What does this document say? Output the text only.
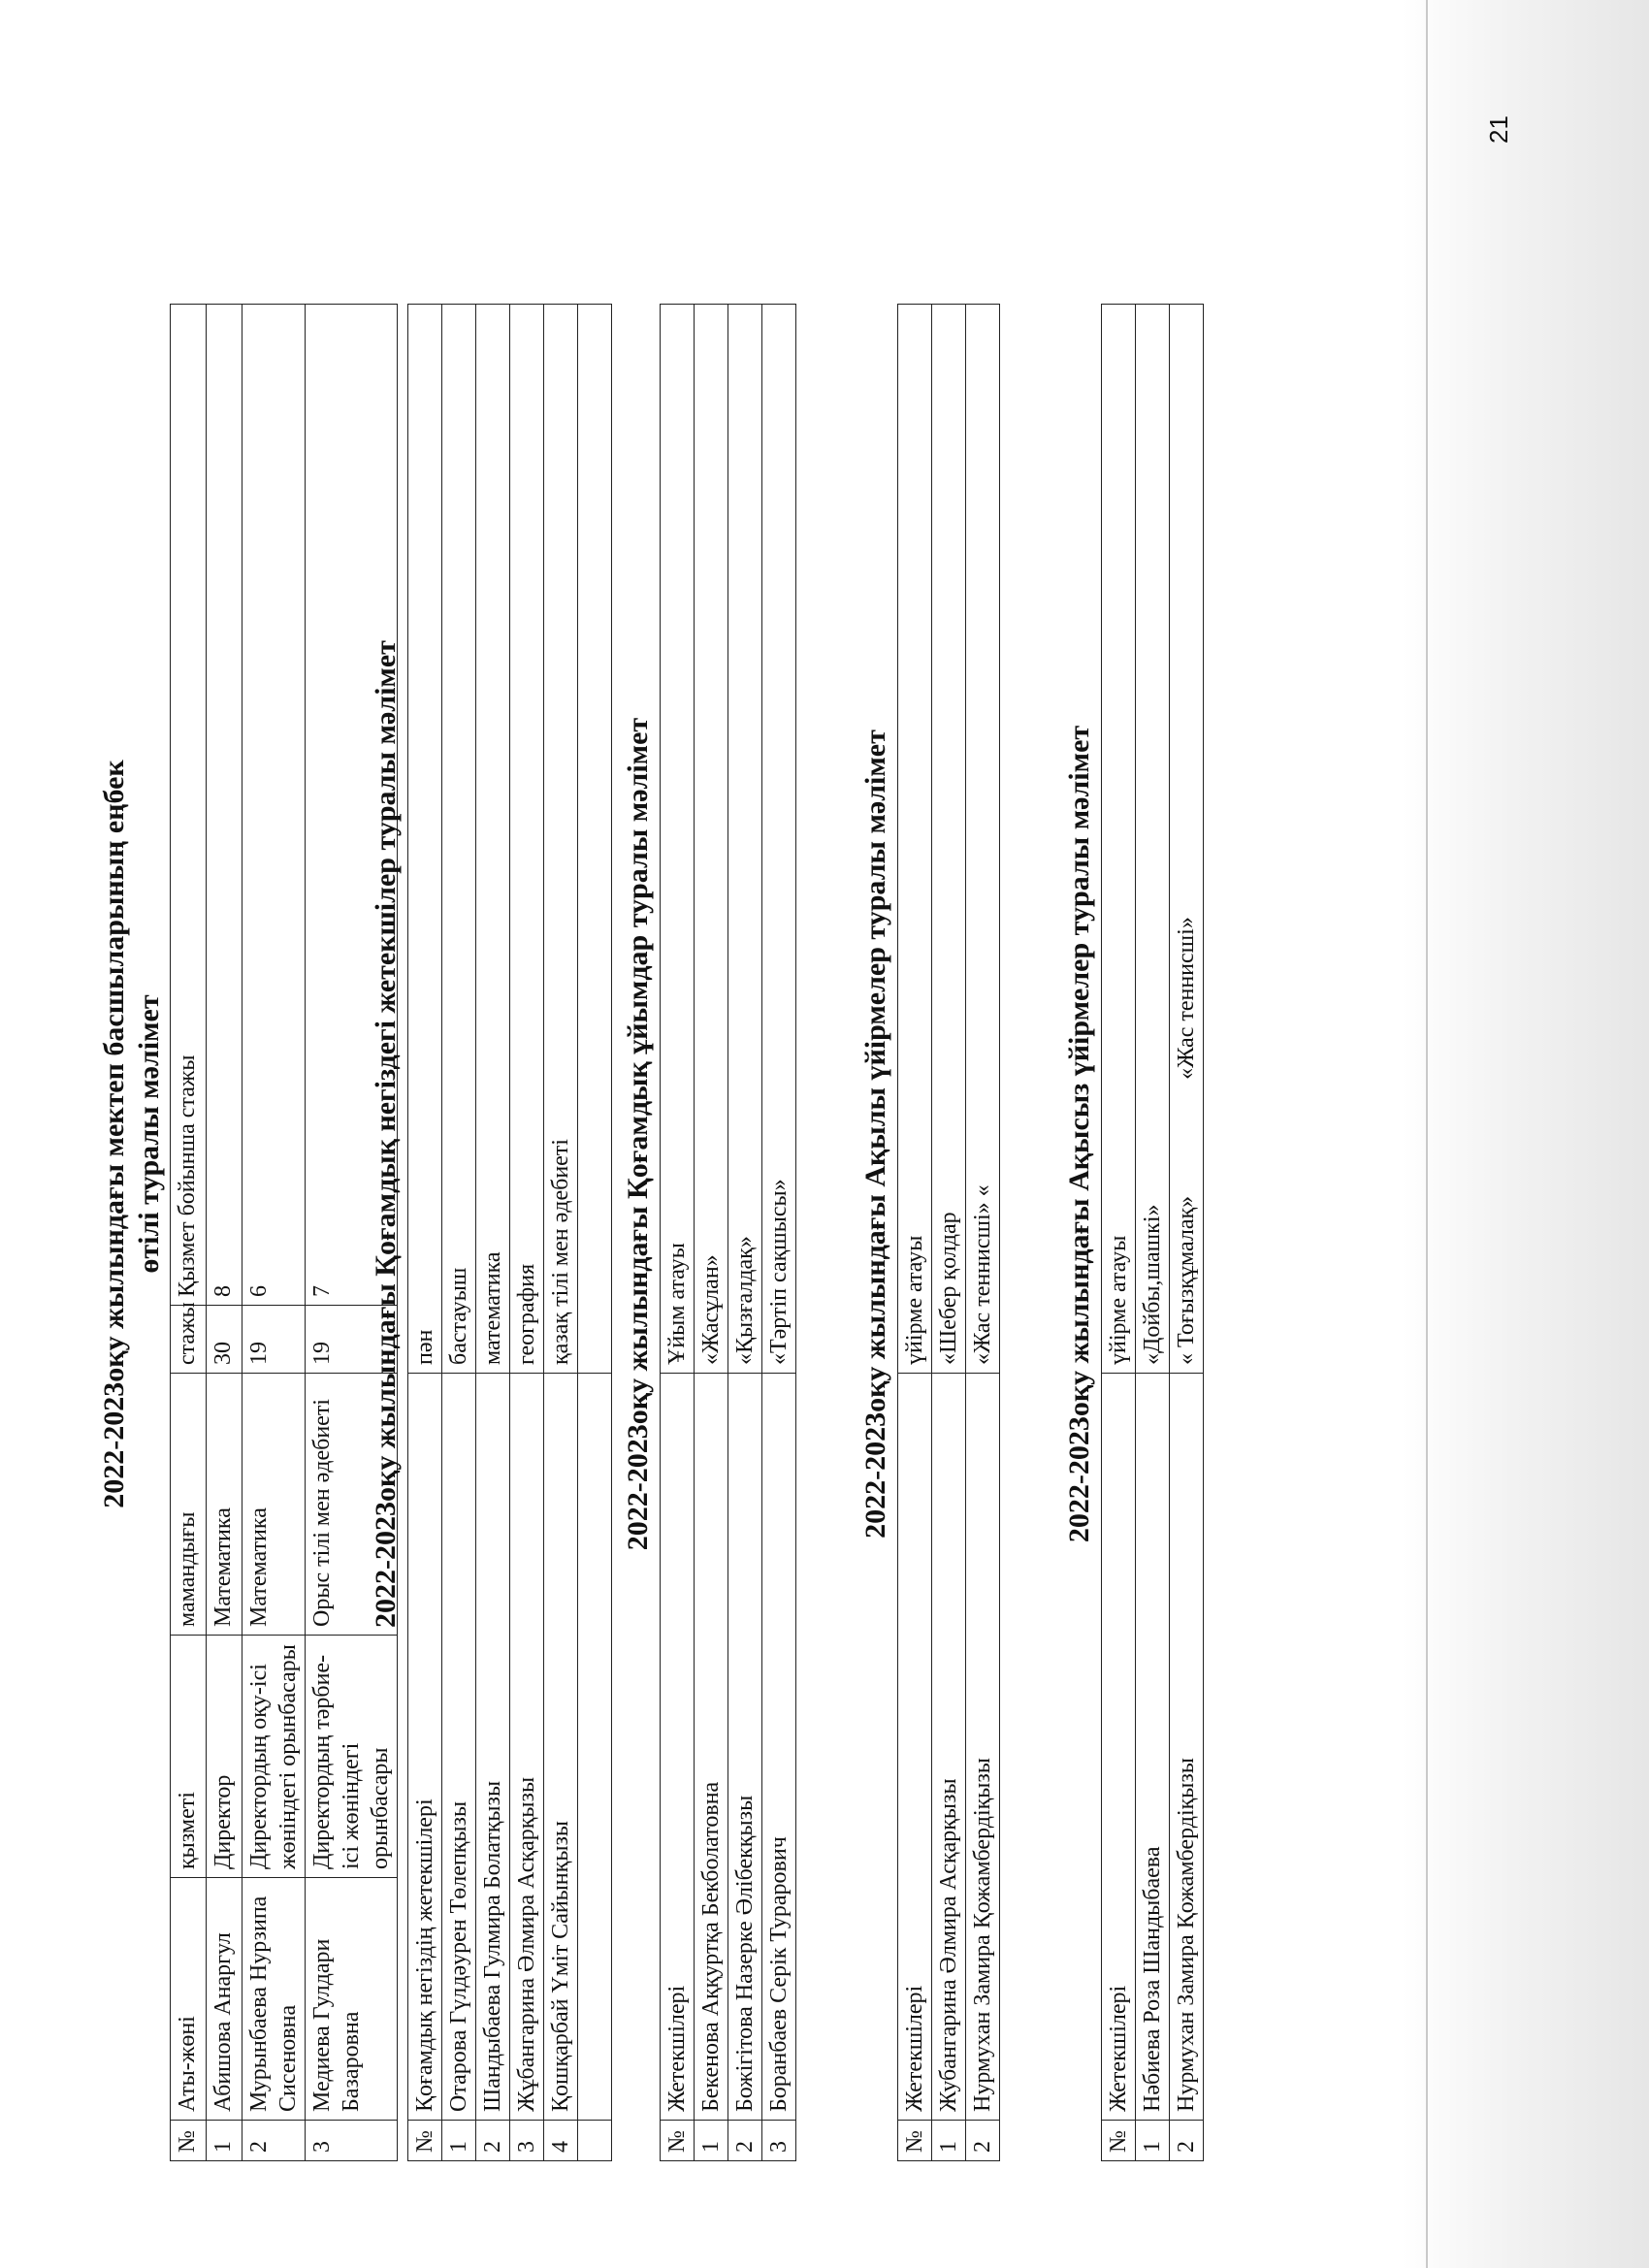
21
2022-2023оқу жылындағы мектеп басшыларының еңбек өтілі туралы мәлімет
№	Аты-жөні	қызметі	мамандығы	стажы	Қызмет бойынша стажы
1	Абишова Анаргул	Директор	Математика	30	8
2	Мурынбаева Нурзипа Сисеновна	Директордың оқу-ісі жөніндегі орынбасары	Математика	19	6
3	Медиева Гулдари Базаровна	Директордың тәрбие-ісі жөніндегі орынбасары	Орыс тілі мен әдебиеті	19	7 2022-2023оқу жылындағы Қоғамдық негіздегі жетекшілер туралы мәлімет
№	Қоғамдық негіздің жетекшілері	пән
1	Отарова Гүлдәурен Төлепқызы	бастауыш
2	Шандыбаева Гулмира Болатқызы	математика
3	Жұбангарина Әлмира Асқарқызы	география
4	Қошқарбай Үміт Сайынқызы	қазақ тілі мен әдебиеті
		2022-2023оқу жылындағы Қоғамдық ұйымдар туралы мәлімет
№	Жетекшілері	Ұйым атауы
1	Бекенова Аққуртқа Бекболатовна	«Жасұлан»
2	Божігітова Назерке Әлібекқызы	«Қызғалдақ»
3	Боранбаев Серік Турарович	«Тәртіп сақшысы» 2022-2023оқу жылындағы Ақылы үйірмелер туралы мәлімет
№	Жетекшілері	үйірме атауы
1	Жубангарина Әлмира Асқарқызы	«Шебер қолдар
2	Нурмухан Замира Қожамбердіқызы	«Жас теннисші» « 2022-2023оқу жылындағы Ақысыз үйірмелер туралы мәлімет
№	Жетекшілері	үйірме атауы
1	Нәбиева Роза Шандыбаева	«Дойбы,шашкі»
2	Нурмухан Замира Қожамбердіқызы	« Тоғызқұмалақ»«Жас теннисші»
